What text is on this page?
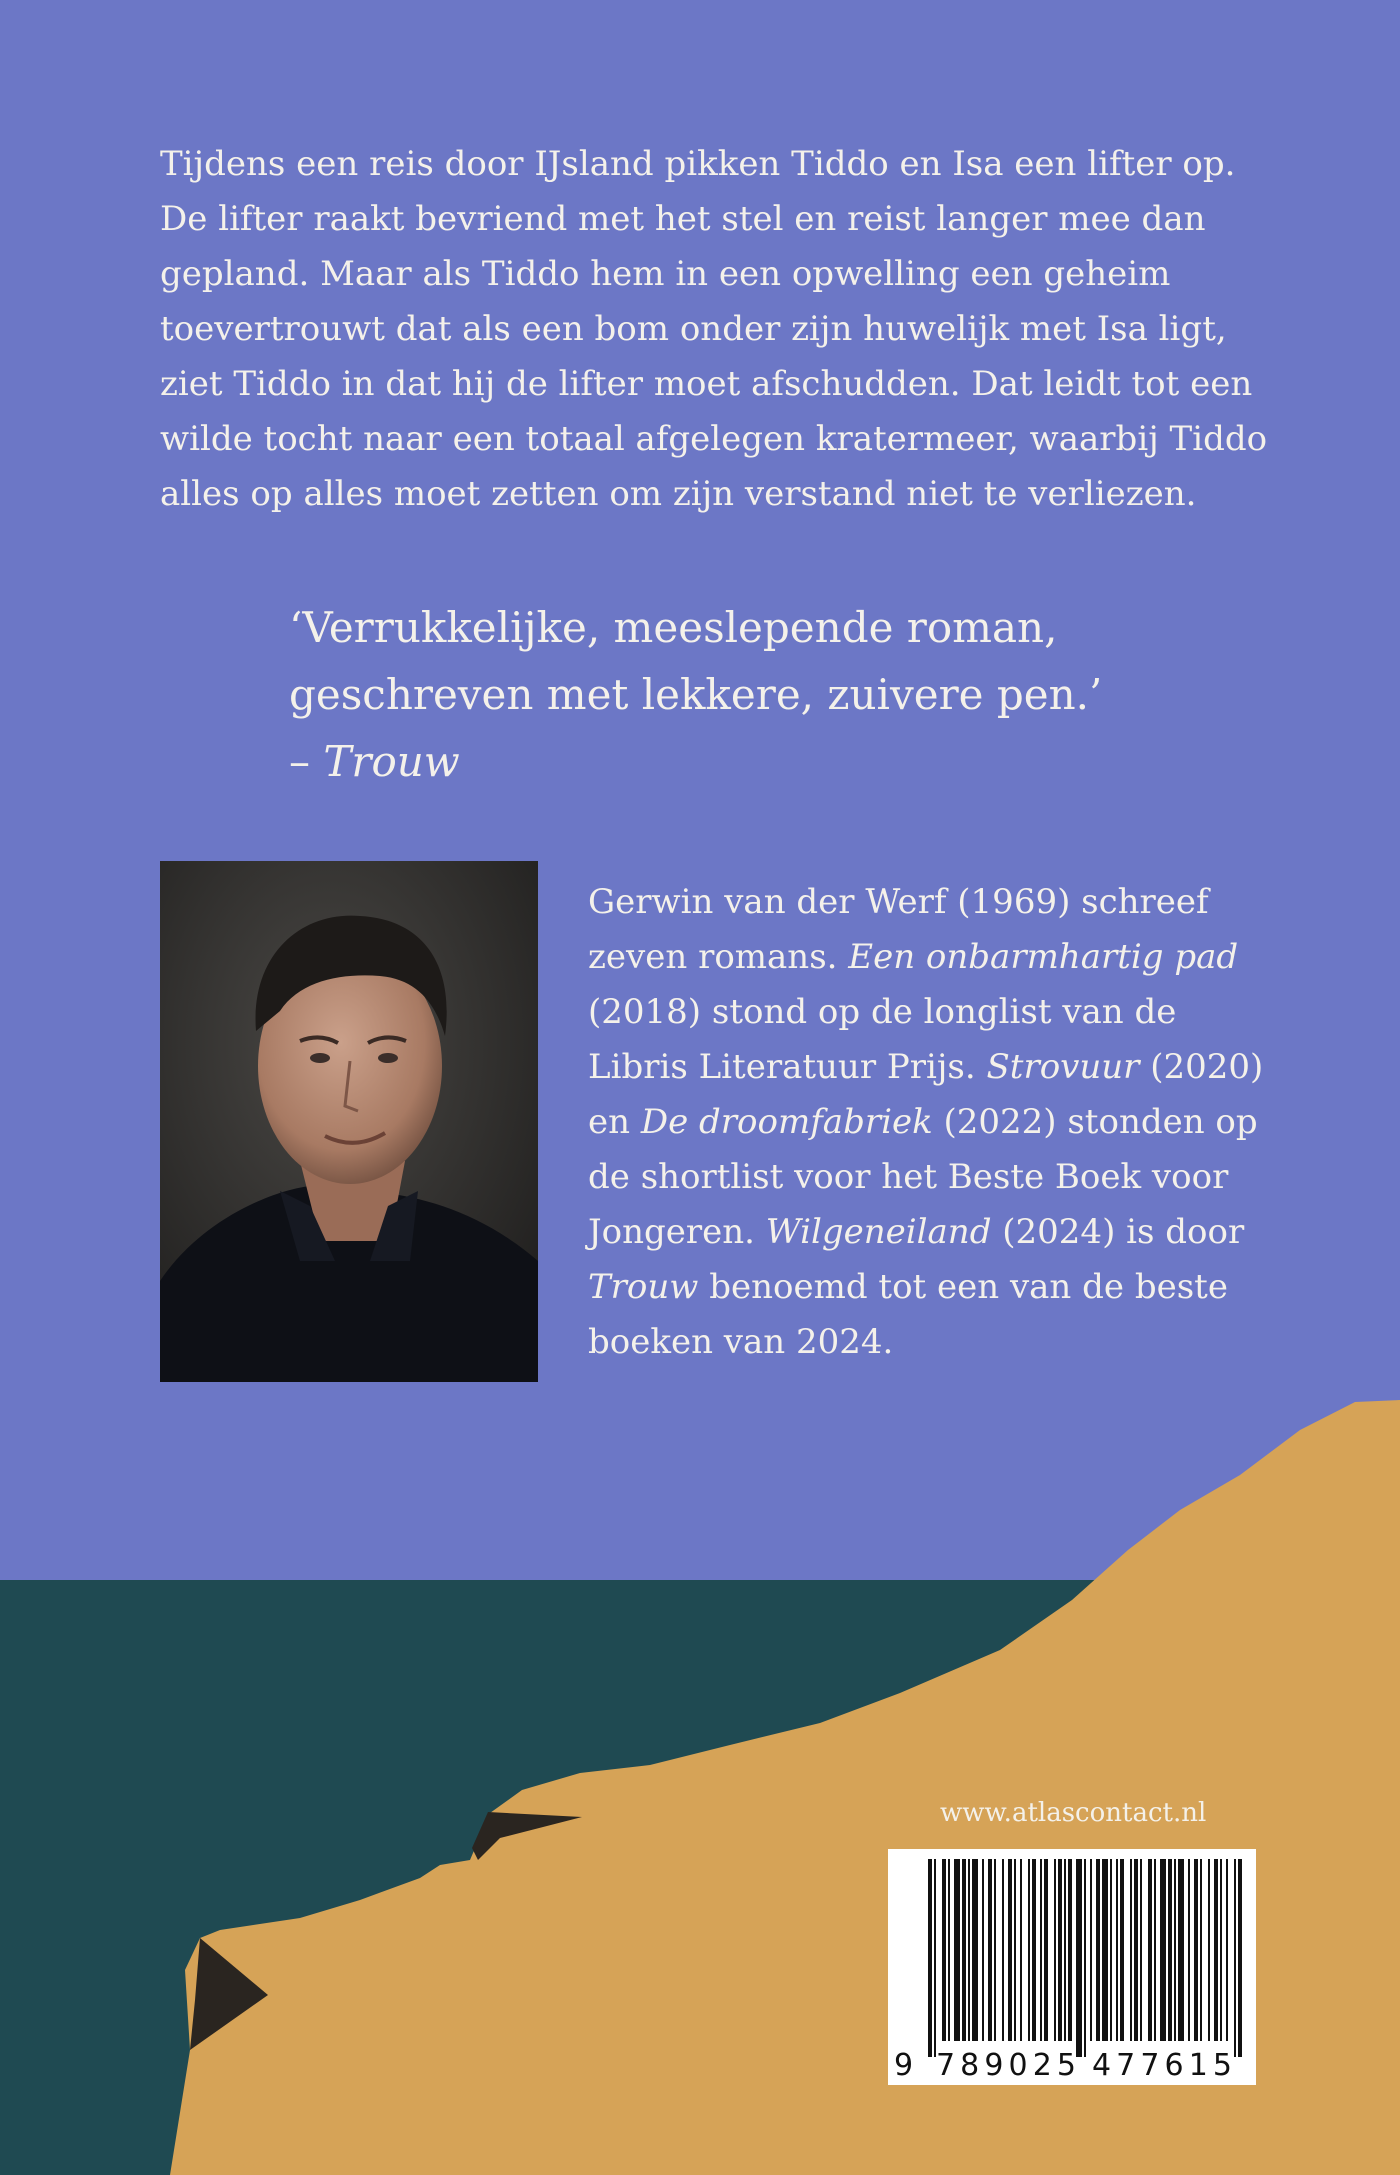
Tijdens een reis door IJsland pikken Tiddo en Isa een lifter op.
De lifter raakt bevriend met het stel en reist langer mee dan
gepland. Maar als Tiddo hem in een opwelling een geheim
toevertrouwt dat als een bom onder zijn huwelijk met Isa ligt,
ziet Tiddo in dat hij de lifter moet afschudden. Dat leidt tot een
wilde tocht naar een totaal afgelegen kratermeer, waarbij Tiddo
alles op alles moet zetten om zijn verstand niet te verliezen.

‘Verrukkelijke, meeslepende roman,
geschreven met lekkere, zuivere pen.’
– Trouw

Gerwin van der Werf (1969) schreef
zeven romans. Een onbarmhartig pad
(2018) stond op de longlist van de
Libris Literatuur Prijs. Strovuur (2020)
en De droomfabriek (2022) stonden op
de shortlist voor het Beste Boek voor
Jongeren. Wilgeneiland (2024) is door
Trouw benoemd tot een van de beste
boeken van 2024.

www.atlascontact.nl
9 789025 477615
